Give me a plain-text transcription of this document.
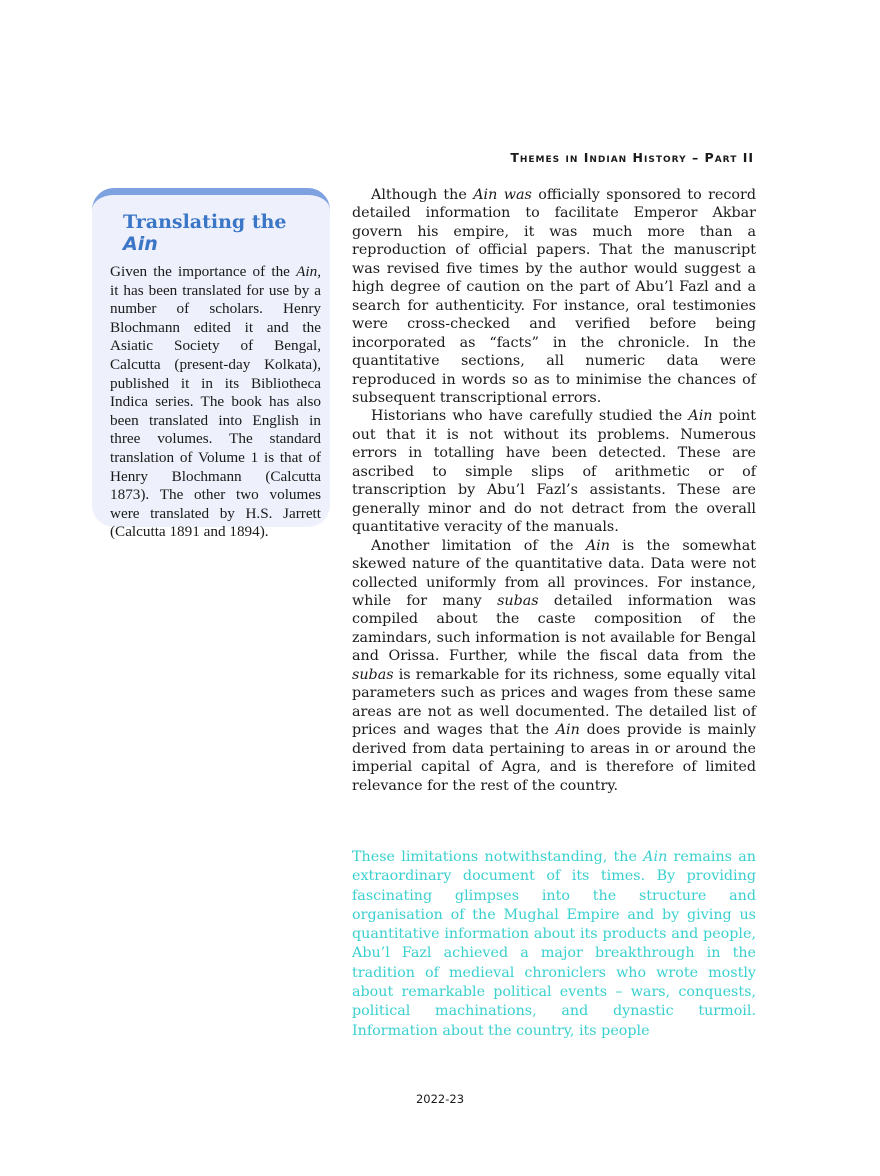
Themes in Indian History – Part II
Translating the Ain

Given the importance of the Ain, it has been translated for use by a number of scholars. Henry Blochmann edited it and the Asiatic Society of Bengal, Calcutta (present-day Kolkata), published it in its Bibliotheca Indica series. The book has also been translated into English in three volumes. The standard translation of Volume 1 is that of Henry Blochmann (Calcutta 1873). The other two volumes were translated by H.S. Jarrett (Calcutta 1891 and 1894).

Although the Ain was officially sponsored to record detailed information to facilitate Emperor Akbar govern his empire, it was much more than a reproduction of official papers. That the manuscript was revised five times by the author would suggest a high degree of caution on the part of Abu’l Fazl and a search for authenticity. For instance, oral testimonies were cross-checked and verified before being incorporated as “facts” in the chronicle. In the quantitative sections, all numeric data were reproduced in words so as to minimise the chances of subsequent transcriptional errors.

Historians who have carefully studied the Ain point out that it is not without its problems. Numerous errors in totalling have been detected. These are ascribed to simple slips of arithmetic or of transcription by Abu’l Fazl’s assistants. These are generally minor and do not detract from the overall quantitative veracity of the manuals.

Another limitation of the Ain is the somewhat skewed nature of the quantitative data. Data were not collected uniformly from all provinces. For instance, while for many subas detailed information was compiled about the caste composition of the zamindars, such information is not available for Bengal and Orissa. Further, while the fiscal data from the subas is remarkable for its richness, some equally vital parameters such as prices and wages from these same areas are not as well documented. The detailed list of prices and wages that the Ain does provide is mainly derived from data pertaining to areas in or around the imperial capital of Agra, and is therefore of limited relevance for the rest of the country.

These limitations notwithstanding, the Ain remains an extraordinary document of its times. By providing fascinating glimpses into the structure and organisation of the Mughal Empire and by giving us quantitative information about its products and people, Abu’l Fazl achieved a major breakthrough in the tradition of medieval chroniclers who wrote mostly about remarkable political events – wars, conquests, political machinations, and dynastic turmoil. Information about the country, its people

2022-23
